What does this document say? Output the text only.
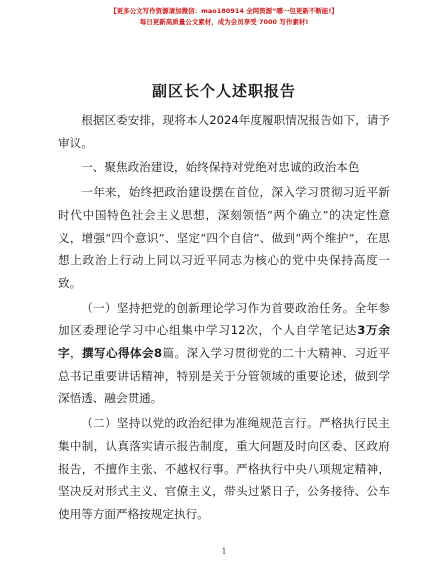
【更多公文写作资源请加微信：mao180914 全网资源“哪一包更新不断能!】
每日更新高质量公文素材，成为会员享受 7000 写作素材!
副区长个人述职报告

根据区委安排，现将本人2024年度履职情况报告如下，请予审议。

一、聚焦政治建设，始终保持对党绝对忠诚的政治本色

一年来，始终把政治建设摆在首位，深入学习贯彻习近平新时代中国特色社会主义思想，深刻领悟“两个确立”的决定性意义，增强“四个意识”、坚定“四个自信”、做到“两个维护”，在思想上政治上行动上同以习近平同志为核心的党中央保持高度一致。

（一）坚持把党的创新理论学习作为首要政治任务。全年参加区委理论学习中心组集中学习12次，个人自学笔记达3万余字，撰写心得体会8篇。深入学习贯彻党的二十大精神、习近平总书记重要讲话精神，特别是关于分管领域的重要论述，做到学深悟透、融会贯通。

（二）坚持以党的政治纪律为准绳规范言行。严格执行民主集中制，认真落实请示报告制度，重大问题及时向区委、区政府报告，不擅作主张、不越权行事。严格执行中央八项规定精神，坚决反对形式主义、官僚主义，带头过紧日子，公务接待、公车使用等方面严格按规定执行。

1
